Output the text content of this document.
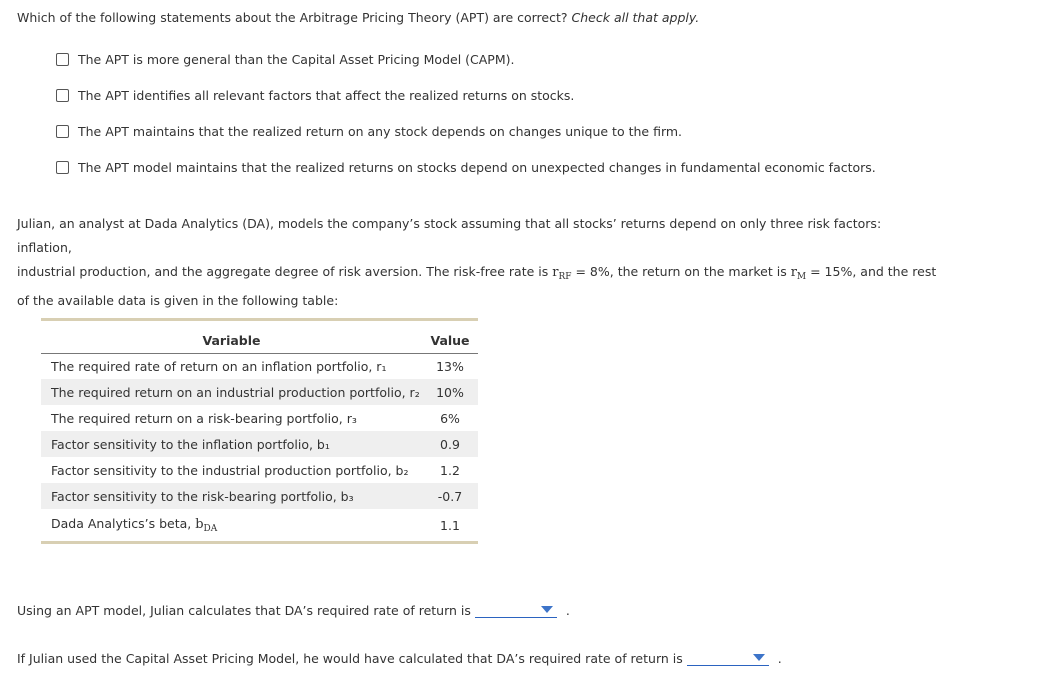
Which of the following statements about the Arbitrage Pricing Theory (APT) are correct? Check all that apply.
The APT is more general than the Capital Asset Pricing Model (CAPM).
The APT identifies all relevant factors that affect the realized returns on stocks.
The APT maintains that the realized return on any stock depends on changes unique to the firm.
The APT model maintains that the realized returns on stocks depend on unexpected changes in fundamental economic factors.
Julian, an analyst at Dada Analytics (DA), models the company’s stock assuming that all stocks’ returns depend on only three risk factors: inflation,
industrial production, and the aggregate degree of risk aversion. The risk-free rate is $r_{RF} = 8\%$, the return on the market is $r_M = 15\%$, and the rest
of the available data is given in the following table:
Variable	Value
The required rate of return on an inflation portfolio, r₁	13%
The required return on an industrial production portfolio, r₂	10%
The required return on a risk-bearing portfolio, r₃	6%
Factor sensitivity to the inflation portfolio, b₁	0.9
Factor sensitivity to the industrial production portfolio, b₂	1.2
Factor sensitivity to the risk-bearing portfolio, b₃	-0.7
Dada Analytics’s beta, $b_{DA}$	1.1
Using an APT model, Julian calculates that DA’s required rate of return is	.
If Julian used the Capital Asset Pricing Model, he would have calculated that DA’s required rate of return is	.
